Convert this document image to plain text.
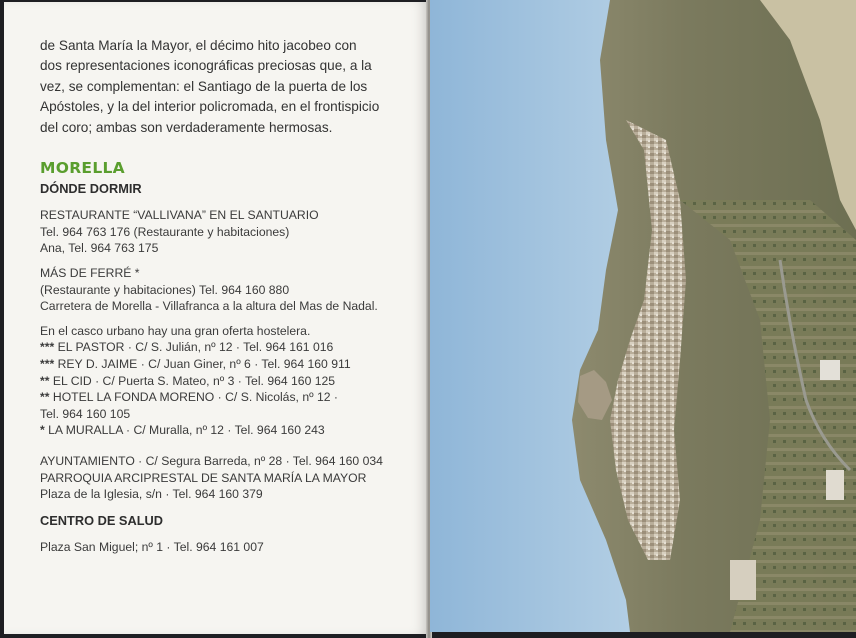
de Santa María la Mayor, el décimo hito jacobeo con
dos representaciones iconográficas preciosas que, a la
vez, se complementan: el Santiago de la puerta de los
Apóstoles, y la del interior policromada, en el frontispicio
del coro; ambas son verdaderamente hermosas.

MORELLA
DÓNDE DORMIR
RESTAURANTE “VALLIVANA” EN EL SANTUARIO
Tel. 964 763 176 (Restaurante y habitaciones)
Ana, Tel. 964 763 175
MÁS DE FERRÉ *
(Restaurante y habitaciones) Tel. 964 160 880
Carretera de Morella - Villafranca a la altura del Mas de Nadal.
En el casco urbano hay una gran oferta hostelera.
*** EL PASTOR · C/ S. Julián, nº 12 · Tel. 964 161 016
*** REY D. JAIME · C/ Juan Giner, nº 6 · Tel. 964 160 911
** EL CID · C/ Puerta S. Mateo, nº 3 · Tel. 964 160 125
** HOTEL LA FONDA MORENO · C/ S. Nicolás, nº 12 ·
Tel. 964 160 105
* LA MURALLA · C/ Muralla, nº 12 · Tel. 964 160 243
AYUNTAMIENTO · C/ Segura Barreda, nº 28 · Tel. 964 160 034
PARROQUIA ARCIPRESTAL DE SANTA MARÍA LA MAYOR
Plaza de la Iglesia, s/n · Tel. 964 160 379
CENTRO DE SALUD
Plaza San Miguel; nº 1 · Tel. 964 161 007
